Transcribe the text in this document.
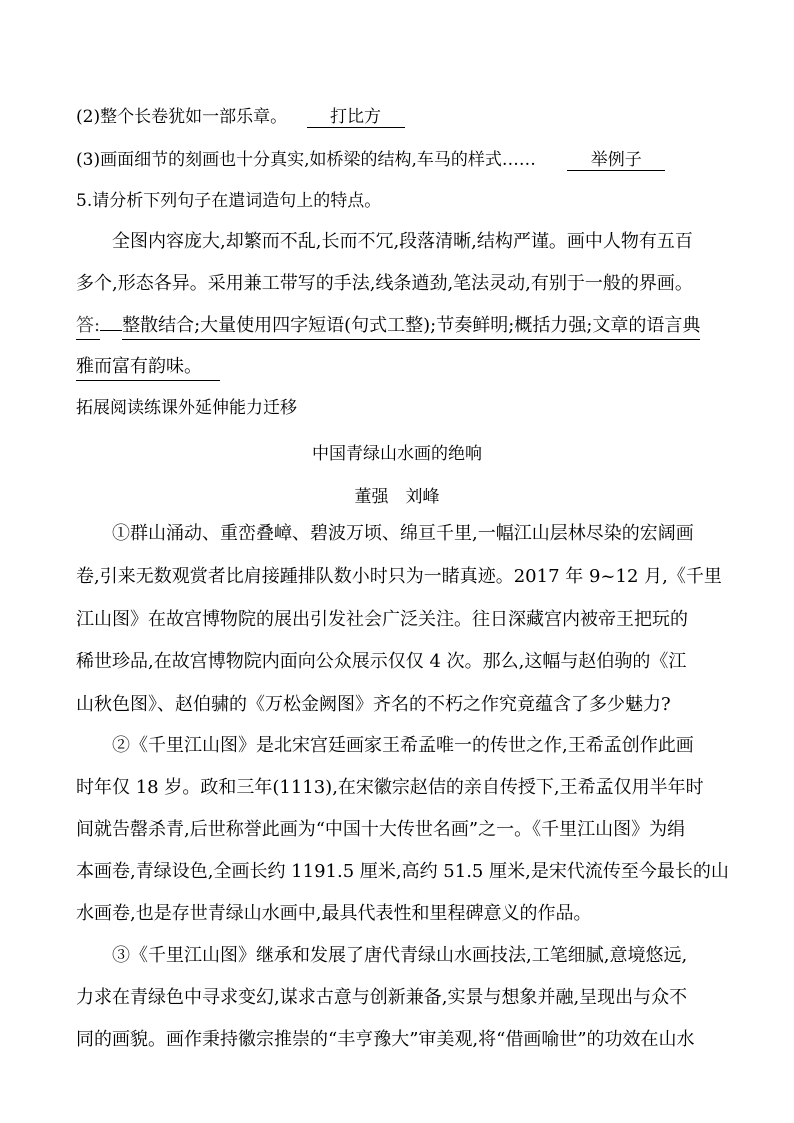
(2)整个长卷犹如一部乐章。	打比方
(3)画面细节的刻画也十分真实,如桥梁的结构,车马的样式……	举例子
5.请分析下列句子在遣词造句上的特点。
全图内容庞大,却繁而不乱,长而不冗,段落清晰,结构严谨。画中人物有五百
多个,形态各异。采用兼工带写的手法,线条遒劲,笔法灵动,有别于一般的界画。
答: 整散结合;大量使用四字短语(句式工整);节奏鲜明;概括力强;文章的语言典
雅而富有韵味。
拓展阅读练课外延伸能力迁移
中国青绿山水画的绝响
董强　刘峰
①群山涌动、重峦叠嶂、碧波万顷、绵亘千里,一幅江山层林尽染的宏阔画
卷,引来无数观赏者比肩接踵排队数小时只为一睹真迹。2017 年 9~12 月,《千里
江山图》在故宫博物院的展出引发社会广泛关注。往日深藏宫内被帝王把玩的
稀世珍品,在故宫博物院内面向公众展示仅仅 4 次。那么,这幅与赵伯驹的《江
山秋色图》、赵伯骕的《万松金阙图》齐名的不朽之作究竟蕴含了多少魅力?
②《千里江山图》是北宋宫廷画家王希孟唯一的传世之作,王希孟创作此画
时年仅 18 岁。政和三年(1113),在宋徽宗赵佶的亲自传授下,王希孟仅用半年时
间就告罄杀青,后世称誉此画为“中国十大传世名画”之一。《千里江山图》为绢
本画卷,青绿设色,全画长约 1191.5 厘米,高约 51.5 厘米,是宋代流传至今最长的山
水画卷,也是存世青绿山水画中,最具代表性和里程碑意义的作品。
③《千里江山图》继承和发展了唐代青绿山水画技法,工笔细腻,意境悠远,
力求在青绿色中寻求变幻,谋求古意与创新兼备,实景与想象并融,呈现出与众不
同的画貌。画作秉持徽宗推崇的“丰亨豫大”审美观,将“借画喻世”的功效在山水
